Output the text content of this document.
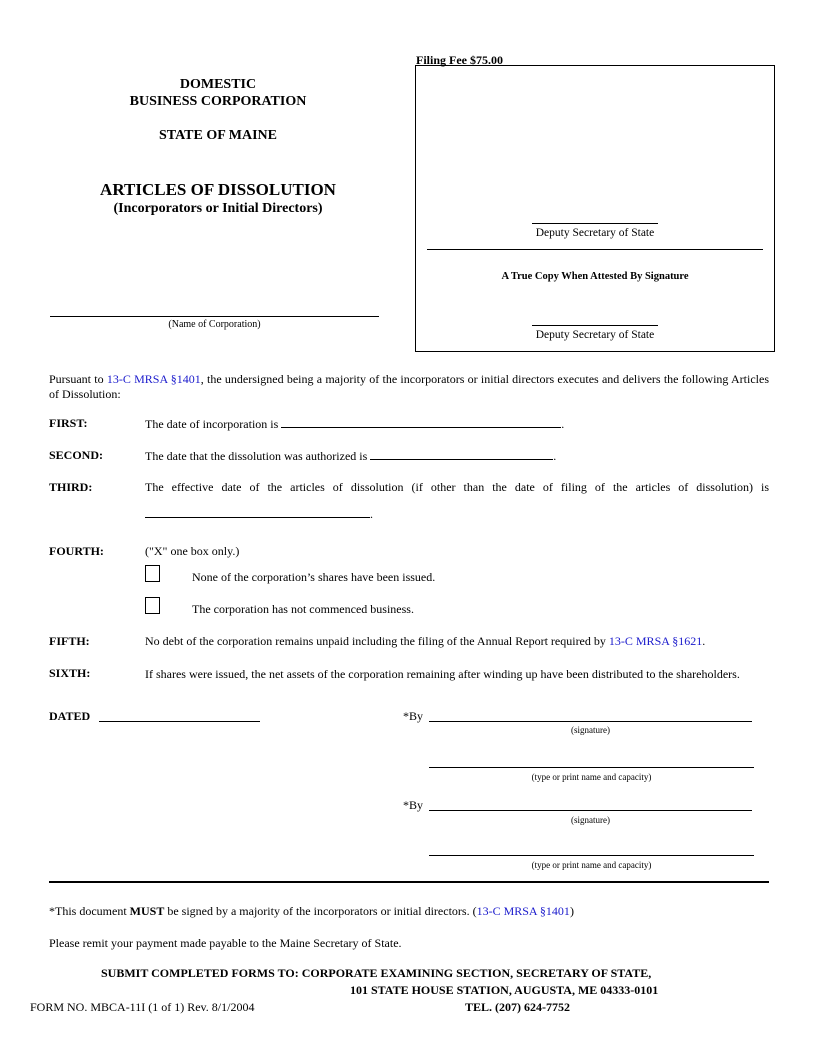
DOMESTIC
BUSINESS CORPORATION
STATE OF MAINE
ARTICLES OF DISSOLUTION
(Incorporators or Initial Directors)
(Name of Corporation)
Filing Fee $75.00
Deputy Secretary of State
A True Copy When Attested By Signature
Deputy Secretary of State
Pursuant to 13-C MRSA §1401, the undersigned being a majority of the incorporators or initial directors executes and delivers the following Articles of Dissolution:
FIRST:	The date of incorporation is	.
SECOND:	The date that the dissolution was authorized is	.
THIRD:	The effective date of the articles of dissolution (if other than the date of filing of the articles of dissolution) is
.
FOURTH:	("X" one box only.)
None of the corporation’s shares have been issued.
The corporation has not commenced business.
FIFTH:	No debt of the corporation remains unpaid including the filing of the Annual Report required by 13-C MRSA §1621.
SIXTH:	If shares were issued, the net assets of the corporation remaining after winding up have been distributed to the shareholders.
DATED	*By
(signature)
(type or print name and capacity)
*By
(signature)
(type or print name and capacity)
*This document MUST be signed by a majority of the incorporators or initial directors. (13-C MRSA §1401)
Please remit your payment made payable to the Maine Secretary of State.
SUBMIT COMPLETED FORMS TO: CORPORATE EXAMINING SECTION, SECRETARY OF STATE,
101 STATE HOUSE STATION, AUGUSTA, ME 04333-0101
FORM NO. MBCA-11I (1 of 1) Rev. 8/1/2004	TEL. (207) 624-7752
